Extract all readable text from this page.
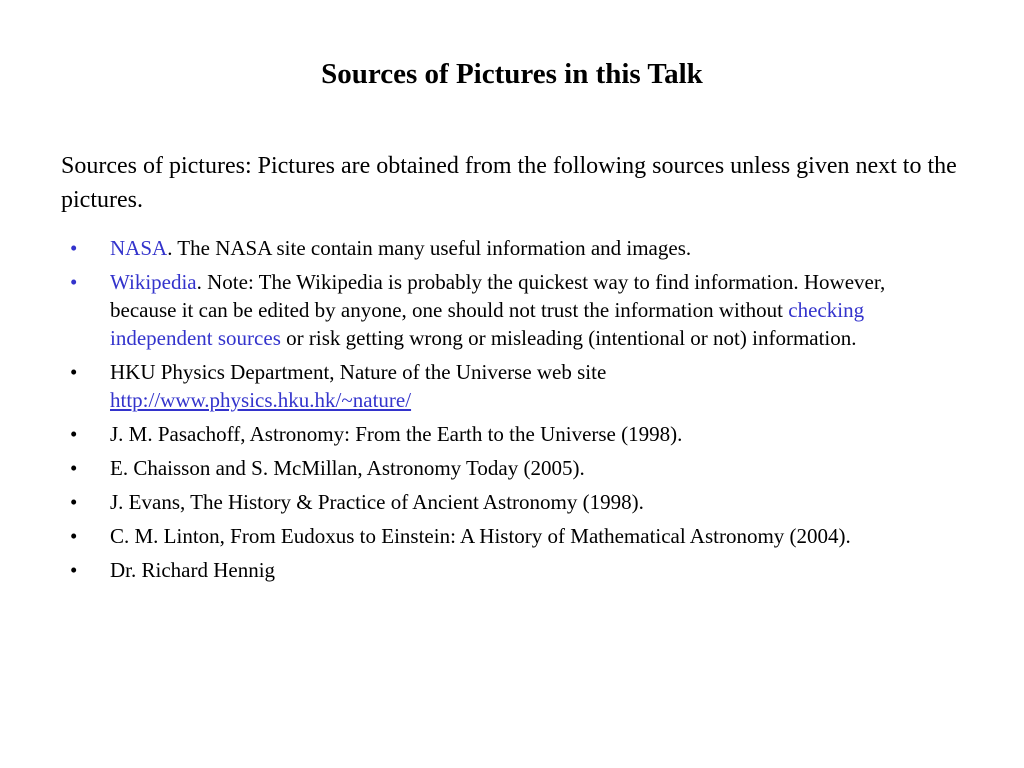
Sources of Pictures in this Talk
Sources of pictures: Pictures are obtained from the following sources unless given next to the pictures.
•	NASA. The NASA site contain many useful information and images.
•	Wikipedia. Note: The Wikipedia is probably the quickest way to find information. However, because it can be edited by anyone, one should not trust the information without checking independent sources or risk getting wrong or misleading (intentional or not) information.
•	HKU Physics Department, Nature of the Universe web site
http://www.physics.hku.hk/~nature/
•	J. M. Pasachoff, Astronomy: From the Earth to the Universe (1998).
•	E. Chaisson and S. McMillan, Astronomy Today (2005).
•	J. Evans, The History & Practice of Ancient Astronomy (1998).
•	C. M. Linton, From Eudoxus to Einstein: A History of Mathematical Astronomy (2004).
•	Dr. Richard Hennig
